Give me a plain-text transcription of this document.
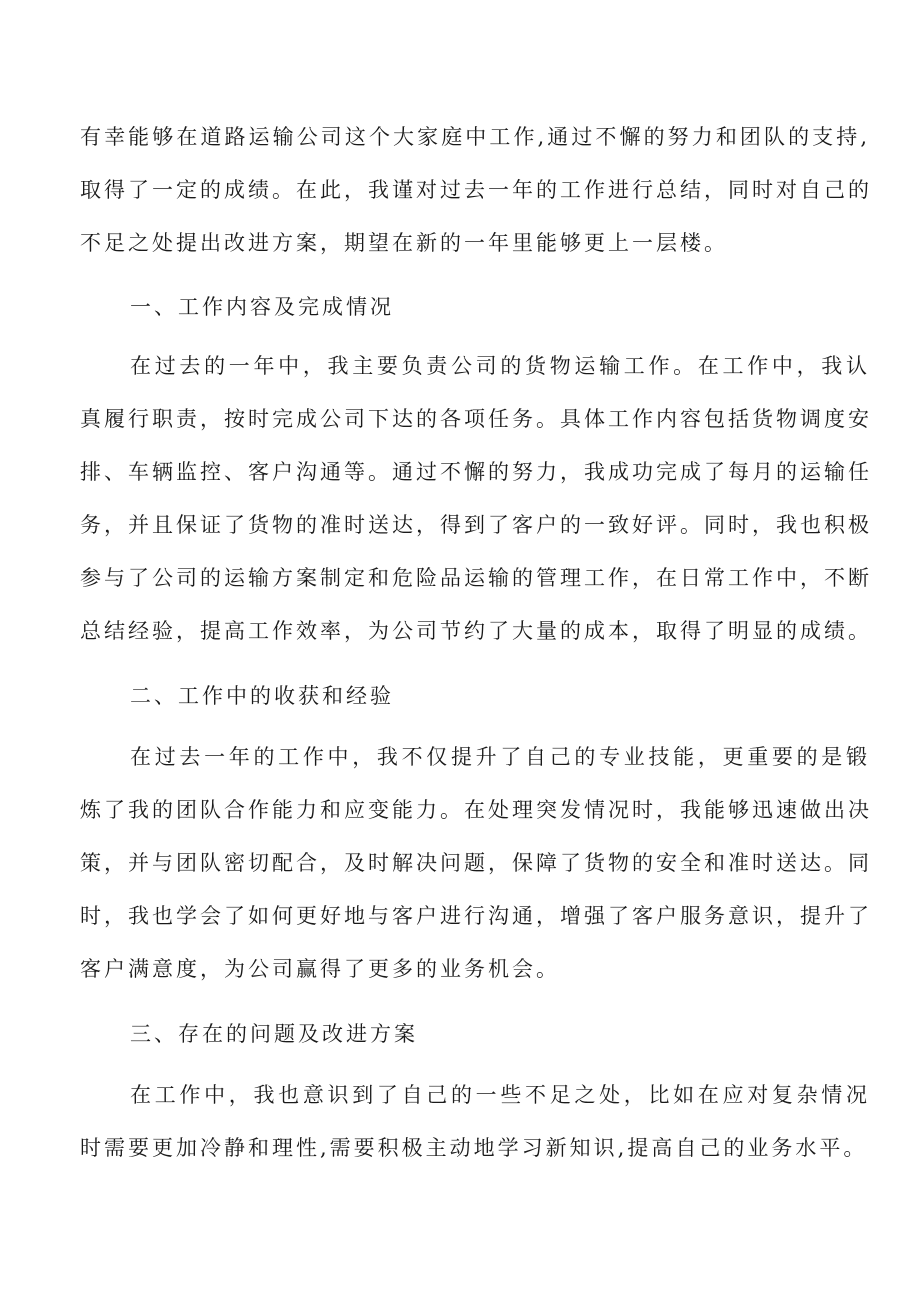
有幸能够在道路运输公司这个大家庭中工作,通过不懈的努力和团队的支持,
取得了一定的成绩。在此，我谨对过去一年的工作进行总结，同时对自己的
不足之处提出改进方案，期望在新的一年里能够更上一层楼。
一、工作内容及完成情况
在过去的一年中，我主要负责公司的货物运输工作。在工作中，我认
真履行职责，按时完成公司下达的各项任务。具体工作内容包括货物调度安
排、车辆监控、客户沟通等。通过不懈的努力，我成功完成了每月的运输任
务，并且保证了货物的准时送达，得到了客户的一致好评。同时，我也积极
参与了公司的运输方案制定和危险品运输的管理工作，在日常工作中，不断
总结经验，提高工作效率，为公司节约了大量的成本，取得了明显的成绩。
二、工作中的收获和经验
在过去一年的工作中，我不仅提升了自己的专业技能，更重要的是锻
炼了我的团队合作能力和应变能力。在处理突发情况时，我能够迅速做出决
策，并与团队密切配合，及时解决问题，保障了货物的安全和准时送达。同
时，我也学会了如何更好地与客户进行沟通，增强了客户服务意识，提升了
客户满意度，为公司赢得了更多的业务机会。
三、存在的问题及改进方案
在工作中，我也意识到了自己的一些不足之处，比如在应对复杂情况
时需要更加冷静和理性,需要积极主动地学习新知识,提高自己的业务水平。
